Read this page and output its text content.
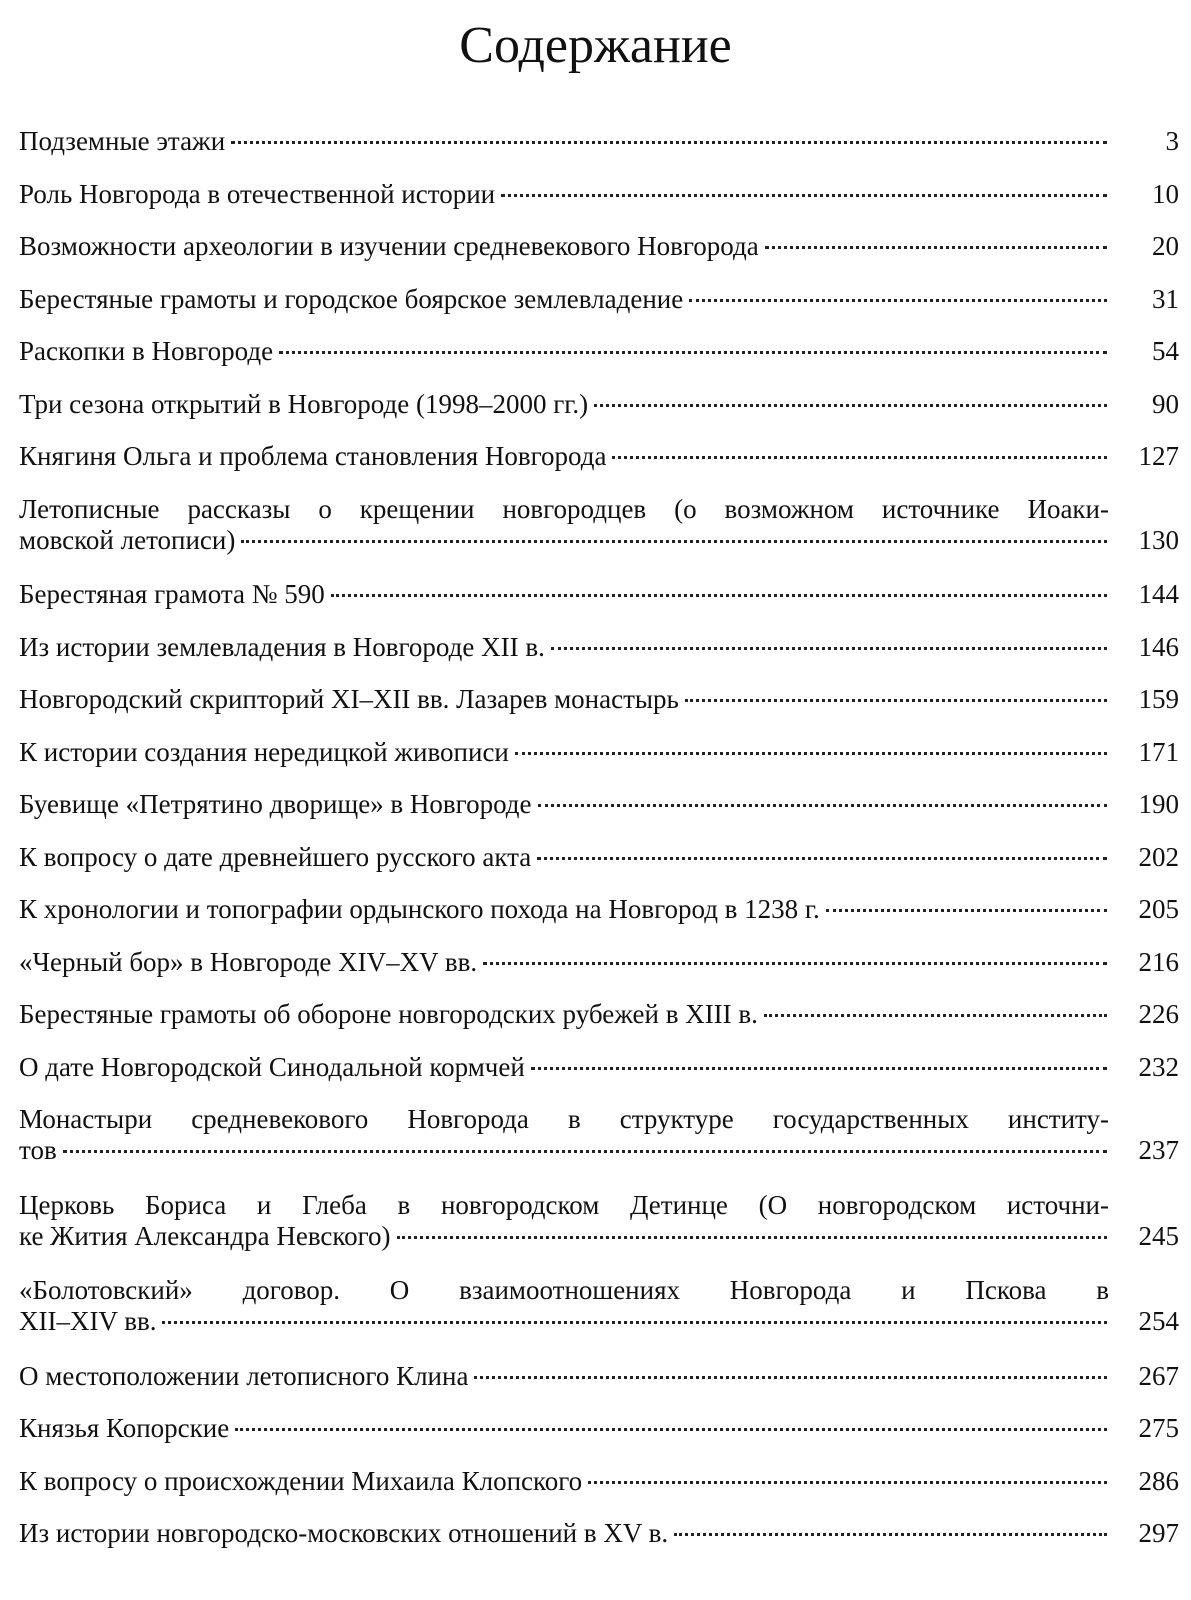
Содержание
Подземные этажи	3
Роль Новгорода в отечественной истории	10
Возможности археологии в изучении средневекового Новгорода	20
Берестяные грамоты и городское боярское землевладение	31
Раскопки в Новгороде	54
Три сезона открытий в Новгороде (1998–2000 гг.)	90
Княгиня Ольга и проблема становления Новгорода	127
Летописные рассказы о крещении новгородцев (о возможном источнике Иоаки-
мовской летописи)	130
Берестяная грамота № 590	144
Из истории землевладения в Новгороде XII в.	146
Новгородский скрипторий XI–XII вв. Лазарев монастырь	159
К истории создания нередицкой живописи	171
Буевище «Петрятино дворище» в Новгороде	190
К вопросу о дате древнейшего русского акта	202
К хронологии и топографии ордынского похода на Новгород в 1238 г.	205
«Черный бор» в Новгороде XIV–XV вв.	216
Берестяные грамоты об обороне новгородских рубежей в XIII в.	226
О дате Новгородской Синодальной кормчей	232
Монастыри средневекового Новгорода в структуре государственных институ-
тов	237
Церковь Бориса и Глеба в новгородском Детинце (О новгородском источни-
ке Жития Александра Невского)	245
«Болотовский» договор. О взаимоотношениях Новгорода и Пскова в
XII–XIV вв.	254
О местоположении летописного Клина	267
Князья Копорские	275
К вопросу о происхождении Михаила Клопского	286
Из истории новгородско-московских отношений в XV в.	297
